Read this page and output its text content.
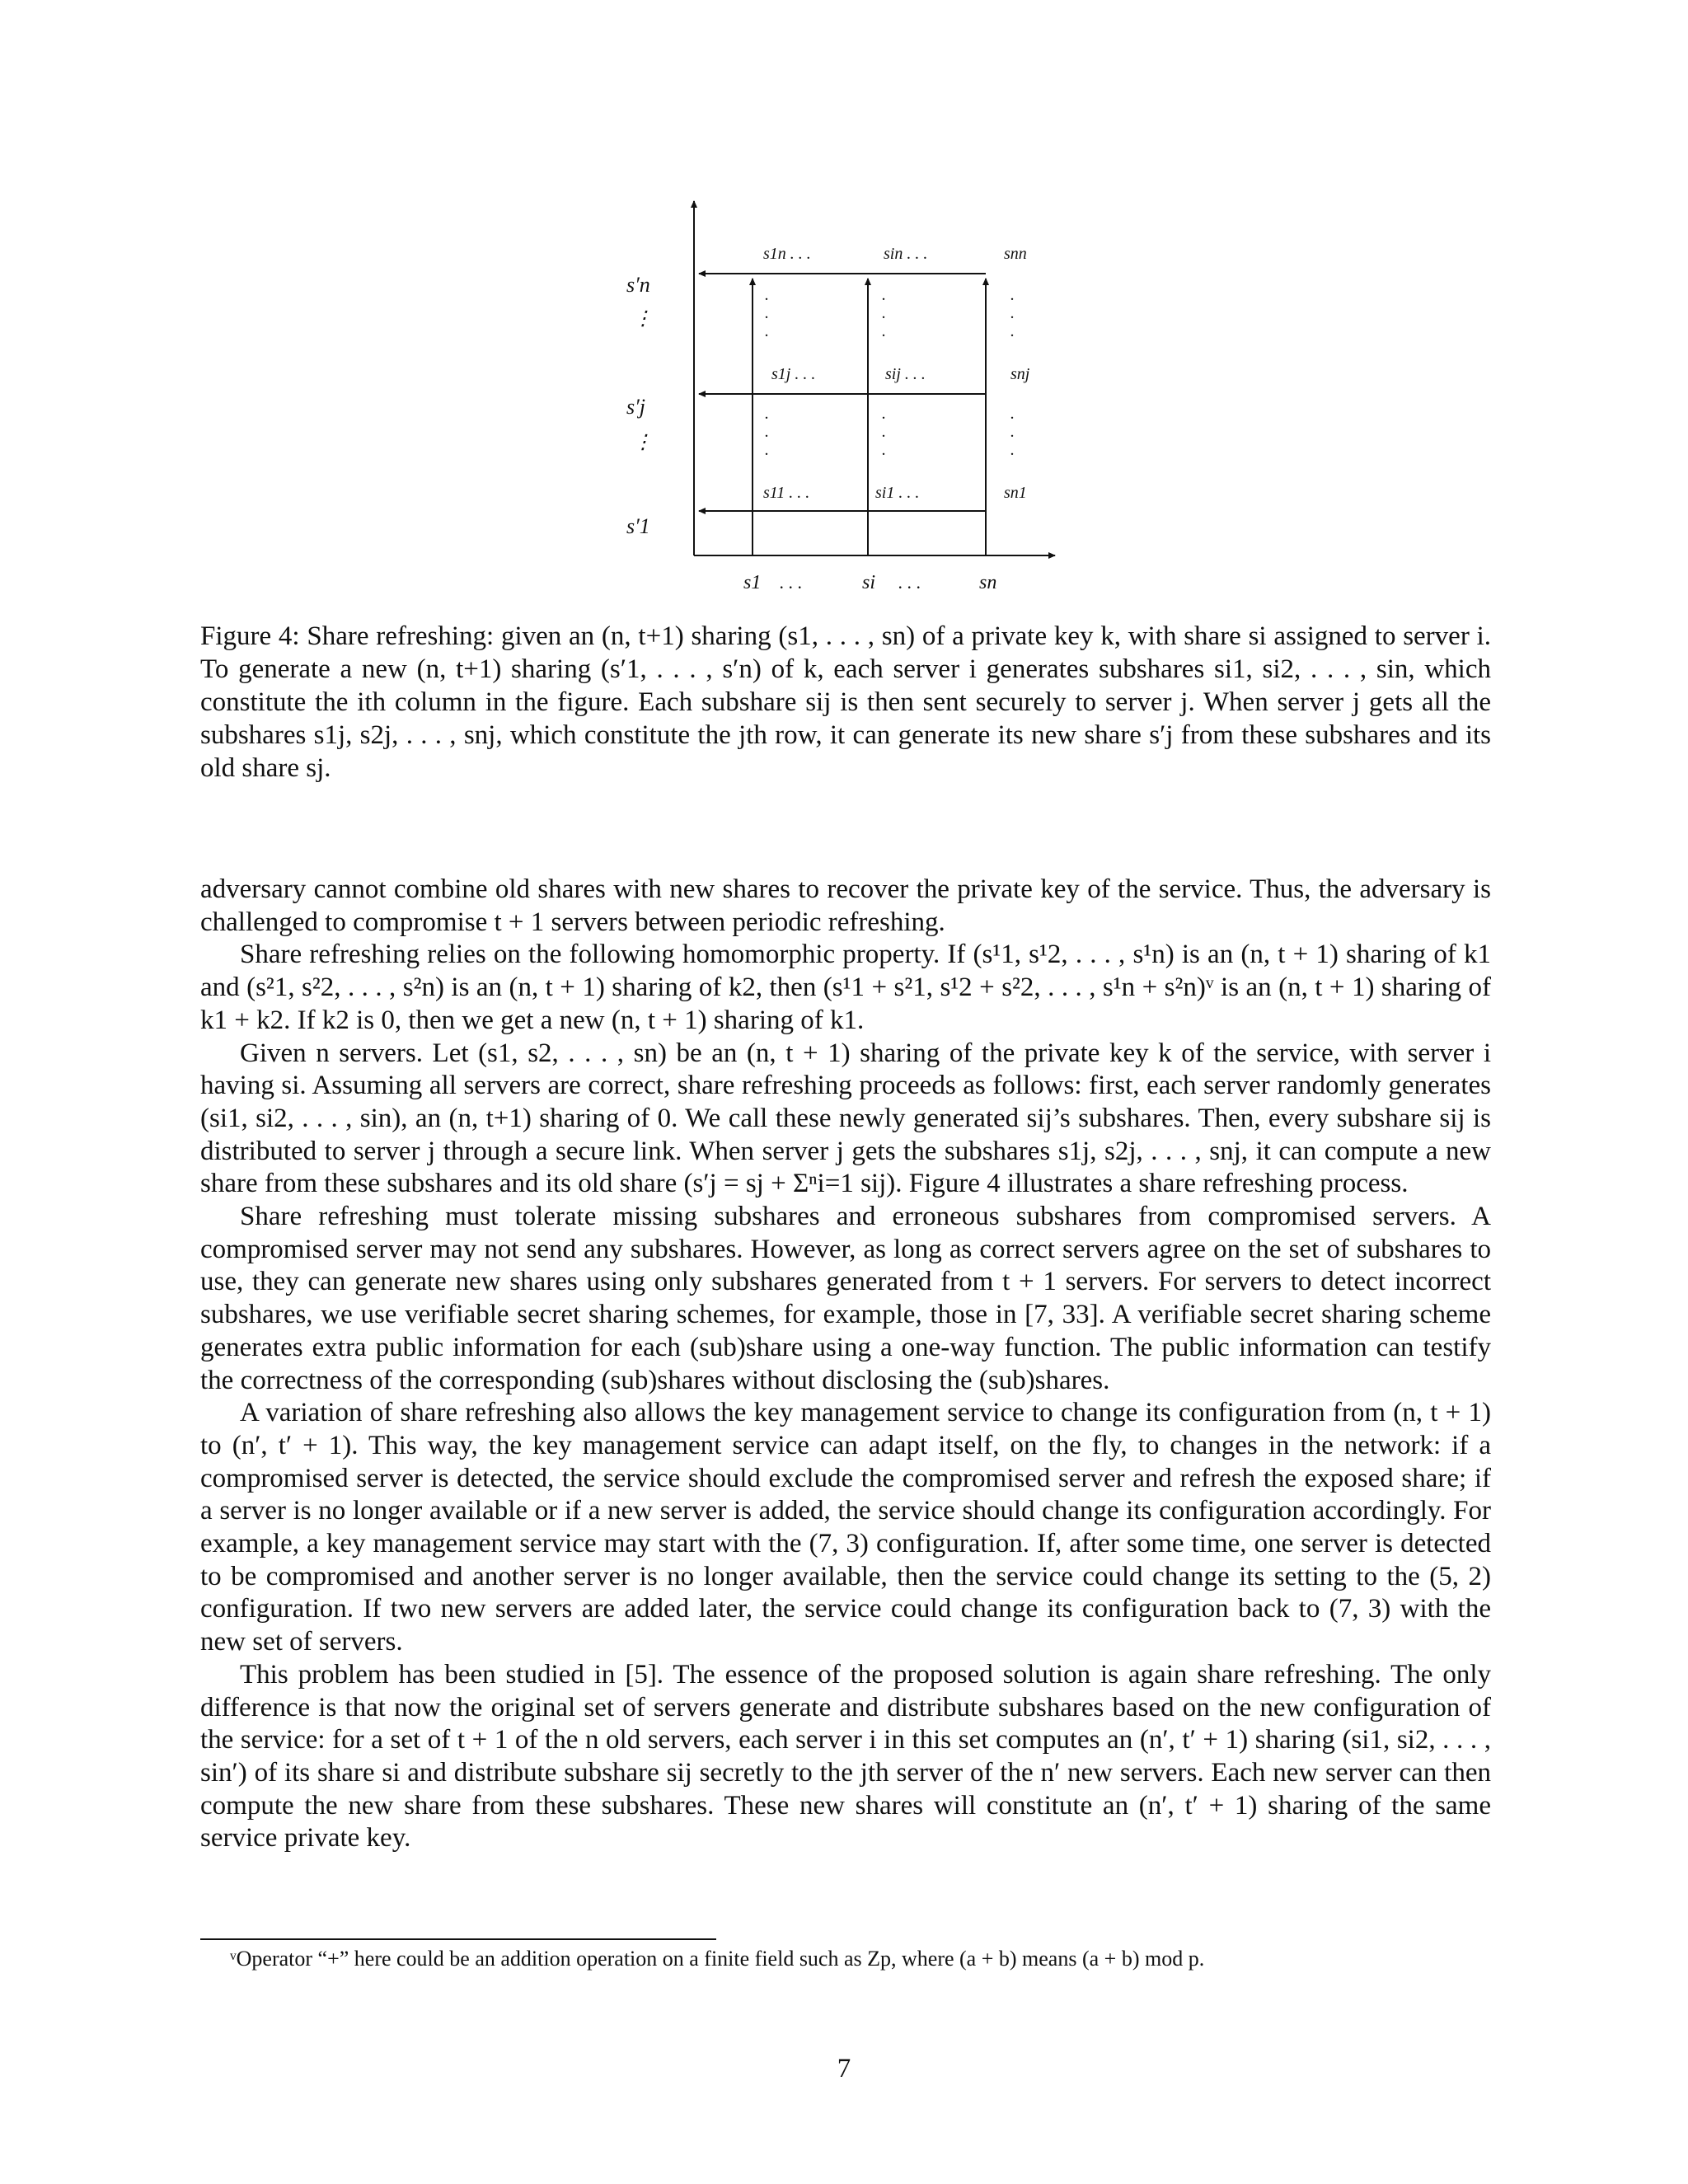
s′n
⋮
s′j
⋮
s′1
s1n . . .	sin . . .	snn
.
.
.
.
.
.
.
.
.
s1j . . .	sij . . .	snj
.
.
.
.
.
.
.
.
.
s11 . . .	si1 . . .	sn1
s1 . . .	si . . .	sn

Figure 4: Share refreshing: given an (n, t+1) sharing (s1, . . . , sn) of a private key k, with share si assigned to server i. To generate a new (n, t+1) sharing (s′1, . . . , s′n) of k, each server i generates subshares si1, si2, . . . , sin, which constitute the ith column in the figure. Each subshare sij is then sent securely to server j. When server j gets all the subshares s1j, s2j, . . . , snj, which constitute the jth row, it can generate its new share s′j from these subshares and its old share sj.

adversary cannot combine old shares with new shares to recover the private key of the service. Thus, the adversary is challenged to compromise t + 1 servers between periodic refreshing.

Share refreshing relies on the following homomorphic property. If (s¹1, s¹2, . . . , s¹n) is an (n, t + 1) sharing of k1 and (s²1, s²2, . . . , s²n) is an (n, t + 1) sharing of k2, then (s¹1 + s²1, s¹2 + s²2, . . . , s¹n + s²n)ᵛ is an (n, t + 1) sharing of k1 + k2. If k2 is 0, then we get a new (n, t + 1) sharing of k1.

Given n servers. Let (s1, s2, . . . , sn) be an (n, t + 1) sharing of the private key k of the service, with server i having si. Assuming all servers are correct, share refreshing proceeds as follows: first, each server randomly generates (si1, si2, . . . , sin), an (n, t+1) sharing of 0. We call these newly generated sij’s subshares. Then, every subshare sij is distributed to server j through a secure link. When server j gets the subshares s1j, s2j, . . . , snj, it can compute a new share from these subshares and its old share (s′j = sj + Σⁿi=1 sij). Figure 4 illustrates a share refreshing process.

Share refreshing must tolerate missing subshares and erroneous subshares from compromised servers. A compromised server may not send any subshares. However, as long as correct servers agree on the set of subshares to use, they can generate new shares using only subshares generated from t + 1 servers. For servers to detect incorrect subshares, we use verifiable secret sharing schemes, for example, those in [7, 33]. A verifiable secret sharing scheme generates extra public information for each (sub)share using a one-way function. The public information can testify the correctness of the corresponding (sub)shares without disclosing the (sub)shares.

A variation of share refreshing also allows the key management service to change its configuration from (n, t + 1) to (n′, t′ + 1). This way, the key management service can adapt itself, on the fly, to changes in the network: if a compromised server is detected, the service should exclude the compromised server and refresh the exposed share; if a server is no longer available or if a new server is added, the service should change its configuration accordingly. For example, a key management service may start with the (7, 3) configuration. If, after some time, one server is detected to be compromised and another server is no longer available, then the service could change its setting to the (5, 2) configuration. If two new servers are added later, the service could change its configuration back to (7, 3) with the new set of servers.

This problem has been studied in [5]. The essence of the proposed solution is again share refreshing. The only difference is that now the original set of servers generate and distribute subshares based on the new configuration of the service: for a set of t + 1 of the n old servers, each server i in this set computes an (n′, t′ + 1) sharing (si1, si2, . . . , sin′) of its share si and distribute subshare sij secretly to the jth server of the n′ new servers. Each new server can then compute the new share from these subshares. These new shares will constitute an (n′, t′ + 1) sharing of the same service private key.

ᵛOperator “+” here could be an addition operation on a finite field such as Zp, where (a + b) means (a + b) mod p.

7
